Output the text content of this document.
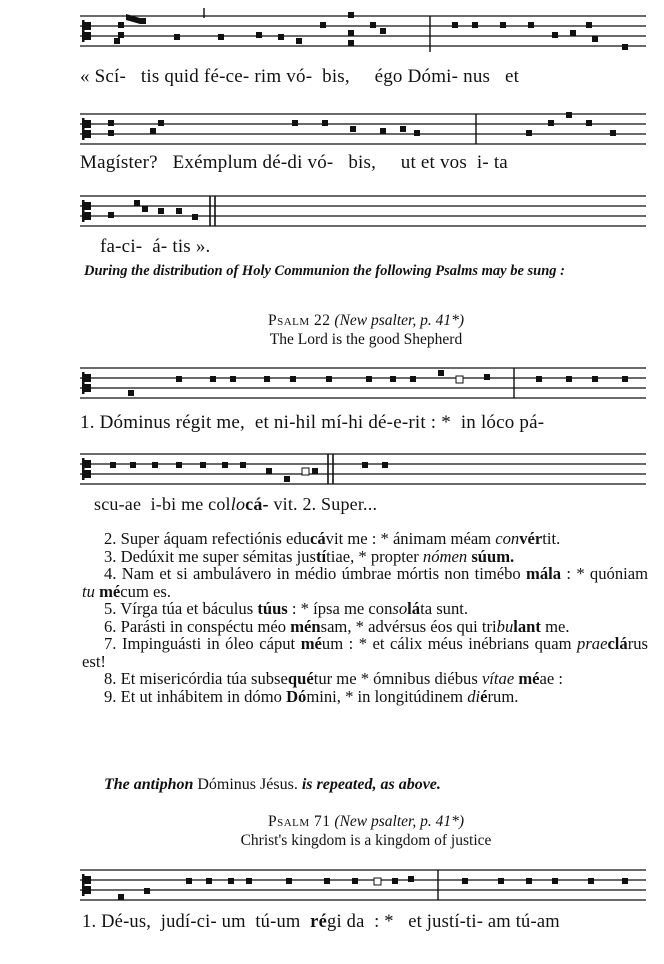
« Scí-   tis quid fé-ce- rim vó-  bis,     égo Dómi- nus   et
Magíster?   Exémplum dé-di vó-   bis,     ut et vos  i- ta
fa-ci-  á- tis ».
During the distribution of Holy Communion the following Psalms may be sung :
Psalm 22 (New psalter, p. 41*)
The Lord is the good Shepherd
1. Dóminus régit me,  et ni-hil mí-hi dé-e-rit : *  in lóco pá-
scu-ae  i-bi me collocá- vit. 2. Super...
2. Super áquam refectiónis educávit me : * ánimam méam convértit.
3. Dedúxit me super sémitas justítiae, * propter nómen súum.
4. Nam et si ambulávero in médio úmbrae mórtis non timébo mála : * quóniam tu mécum es.
5. Vírga túa et báculus túus : * ípsa me consoláta sunt.
6. Parásti in conspéctu méo ménsam, * advérsus éos qui tribulant me.
7. Impinguásti in óleo cáput méum : * et cálix méus inébrians quam praeclárus est!
8. Et misericórdia túa subsequétur me * ómnibus diébus vítae méae :
9. Et ut inhábitem in dómo Dómini, * in longitúdinem diérum.
The antiphon Dóminus Jésus. is repeated, as above.
Psalm 71 (New psalter, p. 41*)
Christ's kingdom is a kingdom of justice
1. Dé-us,  judí-ci- um  tú-um  régi da  : *   et justí-ti- am tú-am
